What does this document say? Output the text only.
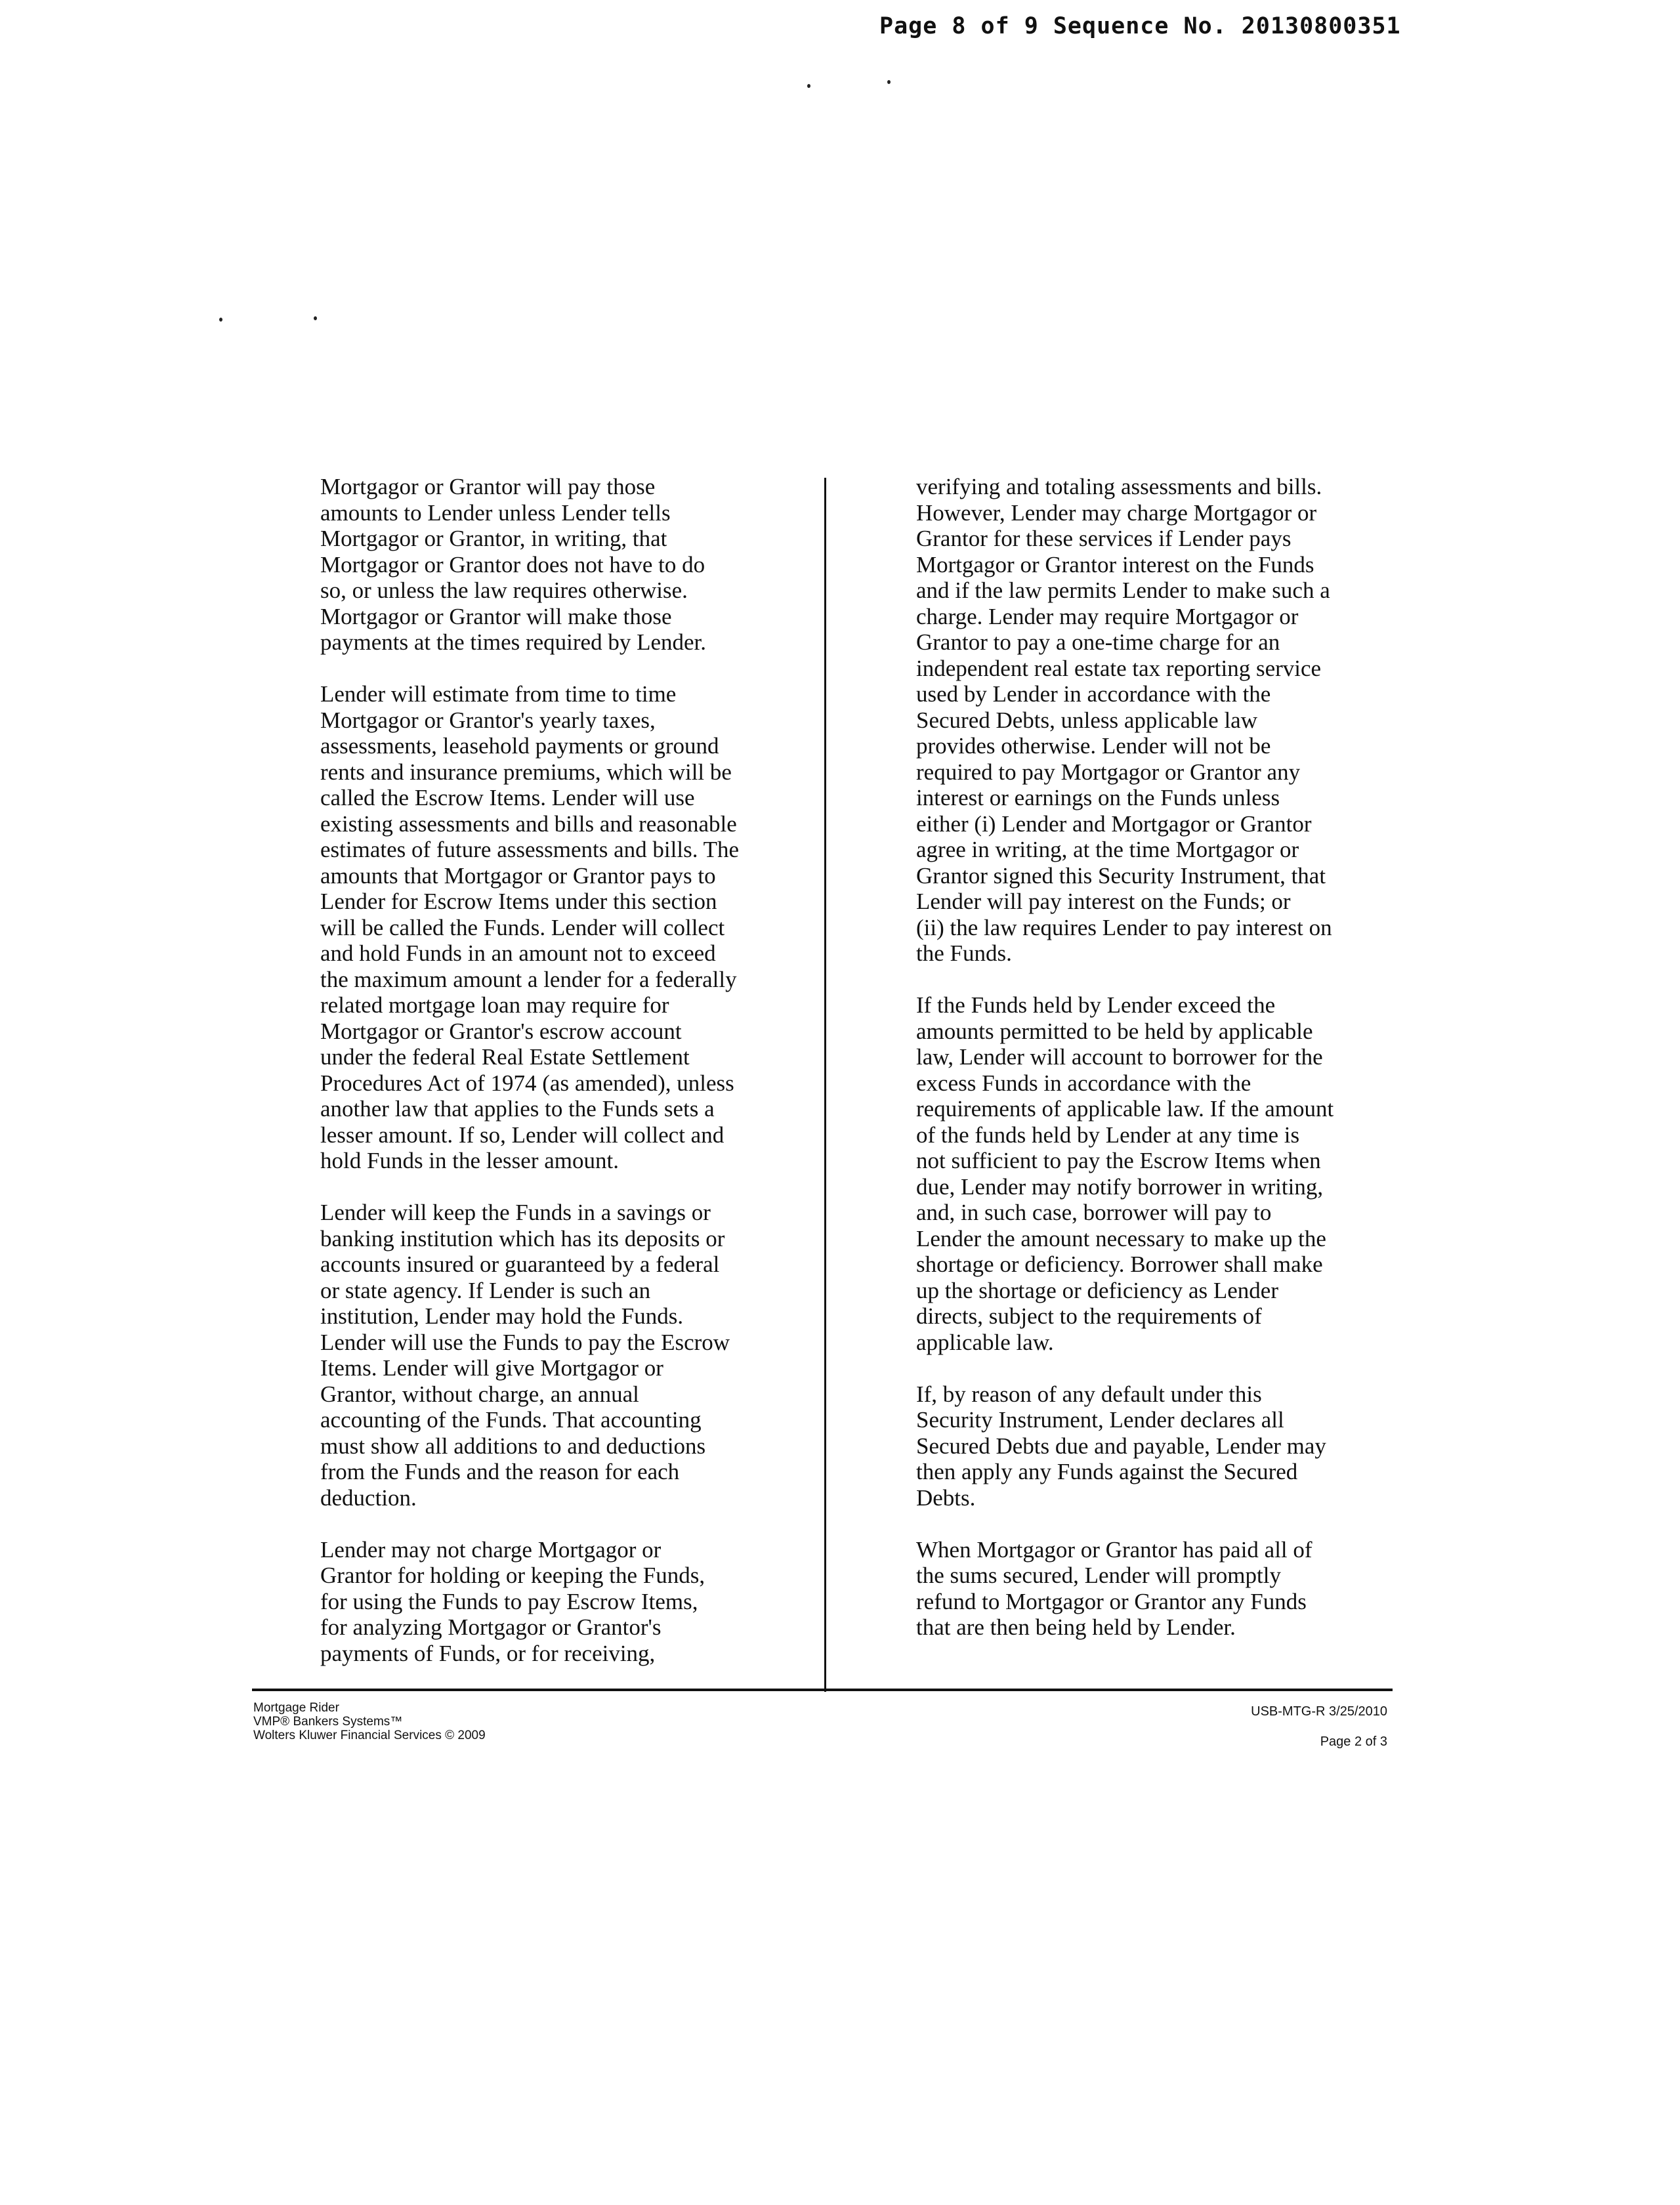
Page 8 of 9 Sequence No. 20130800351

Mortgagor or Grantor will pay those
amounts to Lender unless Lender tells
Mortgagor or Grantor, in writing, that
Mortgagor or Grantor does not have to do
so, or unless the law requires otherwise.
Mortgagor or Grantor will make those
payments at the times required by Lender.

Lender will estimate from time to time
Mortgagor or Grantor's yearly taxes,
assessments, leasehold payments or ground
rents and insurance premiums, which will be
called the Escrow Items. Lender will use
existing assessments and bills and reasonable
estimates of future assessments and bills. The
amounts that Mortgagor or Grantor pays to
Lender for Escrow Items under this section
will be called the Funds. Lender will collect
and hold Funds in an amount not to exceed
the maximum amount a lender for a federally
related mortgage loan may require for
Mortgagor or Grantor's escrow account
under the federal Real Estate Settlement
Procedures Act of 1974 (as amended), unless
another law that applies to the Funds sets a
lesser amount. If so, Lender will collect and
hold Funds in the lesser amount.

Lender will keep the Funds in a savings or
banking institution which has its deposits or
accounts insured or guaranteed by a federal
or state agency. If Lender is such an
institution, Lender may hold the Funds.
Lender will use the Funds to pay the Escrow
Items. Lender will give Mortgagor or
Grantor, without charge, an annual
accounting of the Funds. That accounting
must show all additions to and deductions
from the Funds and the reason for each
deduction.

Lender may not charge Mortgagor or
Grantor for holding or keeping the Funds,
for using the Funds to pay Escrow Items,
for analyzing Mortgagor or Grantor's
payments of Funds, or for receiving,

verifying and totaling assessments and bills.
However, Lender may charge Mortgagor or
Grantor for these services if Lender pays
Mortgagor or Grantor interest on the Funds
and if the law permits Lender to make such a
charge. Lender may require Mortgagor or
Grantor to pay a one-time charge for an
independent real estate tax reporting service
used by Lender in accordance with the
Secured Debts, unless applicable law
provides otherwise. Lender will not be
required to pay Mortgagor or Grantor any
interest or earnings on the Funds unless
either (i) Lender and Mortgagor or Grantor
agree in writing, at the time Mortgagor or
Grantor signed this Security Instrument, that
Lender will pay interest on the Funds; or
(ii) the law requires Lender to pay interest on
the Funds.

If the Funds held by Lender exceed the
amounts permitted to be held by applicable
law, Lender will account to borrower for the
excess Funds in accordance with the
requirements of applicable law. If the amount
of the funds held by Lender at any time is
not sufficient to pay the Escrow Items when
due, Lender may notify borrower in writing,
and, in such case, borrower will pay to
Lender the amount necessary to make up the
shortage or deficiency. Borrower shall make
up the shortage or deficiency as Lender
directs, subject to the requirements of
applicable law.

If, by reason of any default under this
Security Instrument, Lender declares all
Secured Debts due and payable, Lender may
then apply any Funds against the Secured
Debts.

When Mortgagor or Grantor has paid all of
the sums secured, Lender will promptly
refund to Mortgagor or Grantor any Funds
that are then being held by Lender.

Mortgage Rider
VMP® Bankers Systems™
Wolters Kluwer Financial Services © 2009
USB-MTG-R 3/25/2010
Page 2 of 3
